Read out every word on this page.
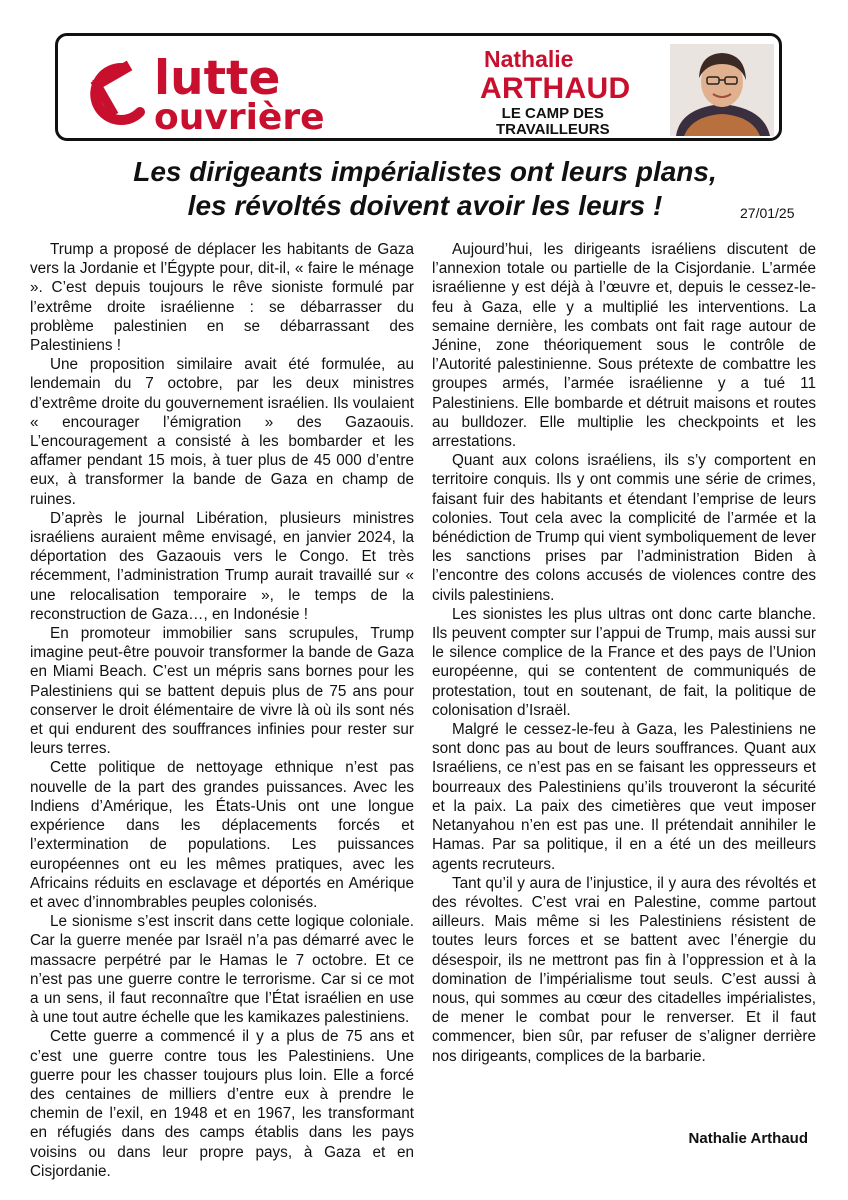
lutte
ouvrière
Nathalie
ARTHAUD
LE CAMP DES
TRAVAILLEURS
Les dirigeants impérialistes ont leurs plans,
les révoltés doivent avoir les leurs !	27/01/25

Trump a proposé de déplacer les habitants de Gaza vers la Jordanie et l’Égypte pour, dit-il, « faire le ménage ». C’est depuis toujours le rêve sioniste formulé par l’extrême droite israélienne : se débarrasser du problème palestinien en se débarrassant des Palestiniens !

Une proposition similaire avait été formulée, au lendemain du 7 octobre, par les deux ministres d’extrême droite du gouvernement israélien. Ils voulaient « encourager l’émigration » des Gazaouis. L’encouragement a consisté à les bombarder et les affamer pendant 15 mois, à tuer plus de 45 000 d’entre eux, à transformer la bande de Gaza en champ de ruines.

D’après le journal Libération, plusieurs ministres israéliens auraient même envisagé, en janvier 2024, la déportation des Gazaouis vers le Congo. Et très récemment, l’administration Trump aurait travaillé sur « une relocalisation temporaire », le temps de la reconstruction de Gaza…, en Indonésie !

En promoteur immobilier sans scrupules, Trump imagine peut-être pouvoir transformer la bande de Gaza en Miami Beach. C’est un mépris sans bornes pour les Palestiniens qui se battent depuis plus de 75 ans pour conserver le droit élémentaire de vivre là où ils sont nés et qui endurent des souffrances infinies pour rester sur leurs terres.

Cette politique de nettoyage ethnique n’est pas nouvelle de la part des grandes puissances. Avec les Indiens d’Amérique, les États-Unis ont une longue expérience dans les déplacements forcés et l’extermination de populations. Les puissances européennes ont eu les mêmes pratiques, avec les Africains réduits en esclavage et déportés en Amérique et avec d’innombrables peuples colonisés.

Le sionisme s’est inscrit dans cette logique coloniale. Car la guerre menée par Israël n’a pas démarré avec le massacre perpétré par le Hamas le 7 octobre. Et ce n’est pas une guerre contre le terrorisme. Car si ce mot a un sens, il faut reconnaître que l’État israélien en use à une tout autre échelle que les kamikazes palestiniens.

Cette guerre a commencé il y a plus de 75 ans et c’est une guerre contre tous les Palestiniens. Une guerre pour les chasser toujours plus loin. Elle a forcé des centaines de milliers d’entre eux à prendre le chemin de l’exil, en 1948 et en 1967, les transformant en réfugiés dans des camps établis dans les pays voisins ou dans leur propre pays, à Gaza et en Cisjordanie.

Aujourd’hui, les dirigeants israéliens discutent de l’annexion totale ou partielle de la Cisjordanie. L’armée israélienne y est déjà à l’œuvre et, depuis le cessez-le-feu à Gaza, elle y a multiplié les interventions. La semaine dernière, les combats ont fait rage autour de Jénine, zone théoriquement sous le contrôle de l’Autorité palestinienne. Sous prétexte de combattre les groupes armés, l’armée israélienne y a tué 11 Palestiniens. Elle bombarde et détruit maisons et routes au bulldozer. Elle multiplie les checkpoints et les arrestations.

Quant aux colons israéliens, ils s’y comportent en territoire conquis. Ils y ont commis une série de crimes, faisant fuir des habitants et étendant l’emprise de leurs colonies. Tout cela avec la complicité de l’armée et la bénédiction de Trump qui vient symboliquement de lever les sanctions prises par l’administration Biden à l’encontre des colons accusés de violences contre des civils palestiniens.

Les sionistes les plus ultras ont donc carte blanche. Ils peuvent compter sur l’appui de Trump, mais aussi sur le silence complice de la France et des pays de l’Union européenne, qui se contentent de communiqués de protestation, tout en soutenant, de fait, la politique de colonisation d’Israël.

Malgré le cessez-le-feu à Gaza, les Palestiniens ne sont donc pas au bout de leurs souffrances. Quant aux Israéliens, ce n’est pas en se faisant les oppresseurs et bourreaux des Palestiniens qu’ils trouveront la sécurité et la paix. La paix des cimetières que veut imposer Netanyahou n’en est pas une. Il prétendait annihiler le Hamas. Par sa politique, il en a été un des meilleurs agents recruteurs.

Tant qu’il y aura de l’injustice, il y aura des révoltés et des révoltes. C’est vrai en Palestine, comme partout ailleurs. Mais même si les Palestiniens résistent de toutes leurs forces et se battent avec l’énergie du désespoir, ils ne mettront pas fin à l’oppression et à la domination de l’impérialisme tout seuls. C’est aussi à nous, qui sommes au cœur des citadelles impérialistes, de mener le combat pour le renverser. Et il faut commencer, bien sûr, par refuser de s’aligner derrière nos dirigeants, complices de la barbarie.

Nathalie Arthaud
